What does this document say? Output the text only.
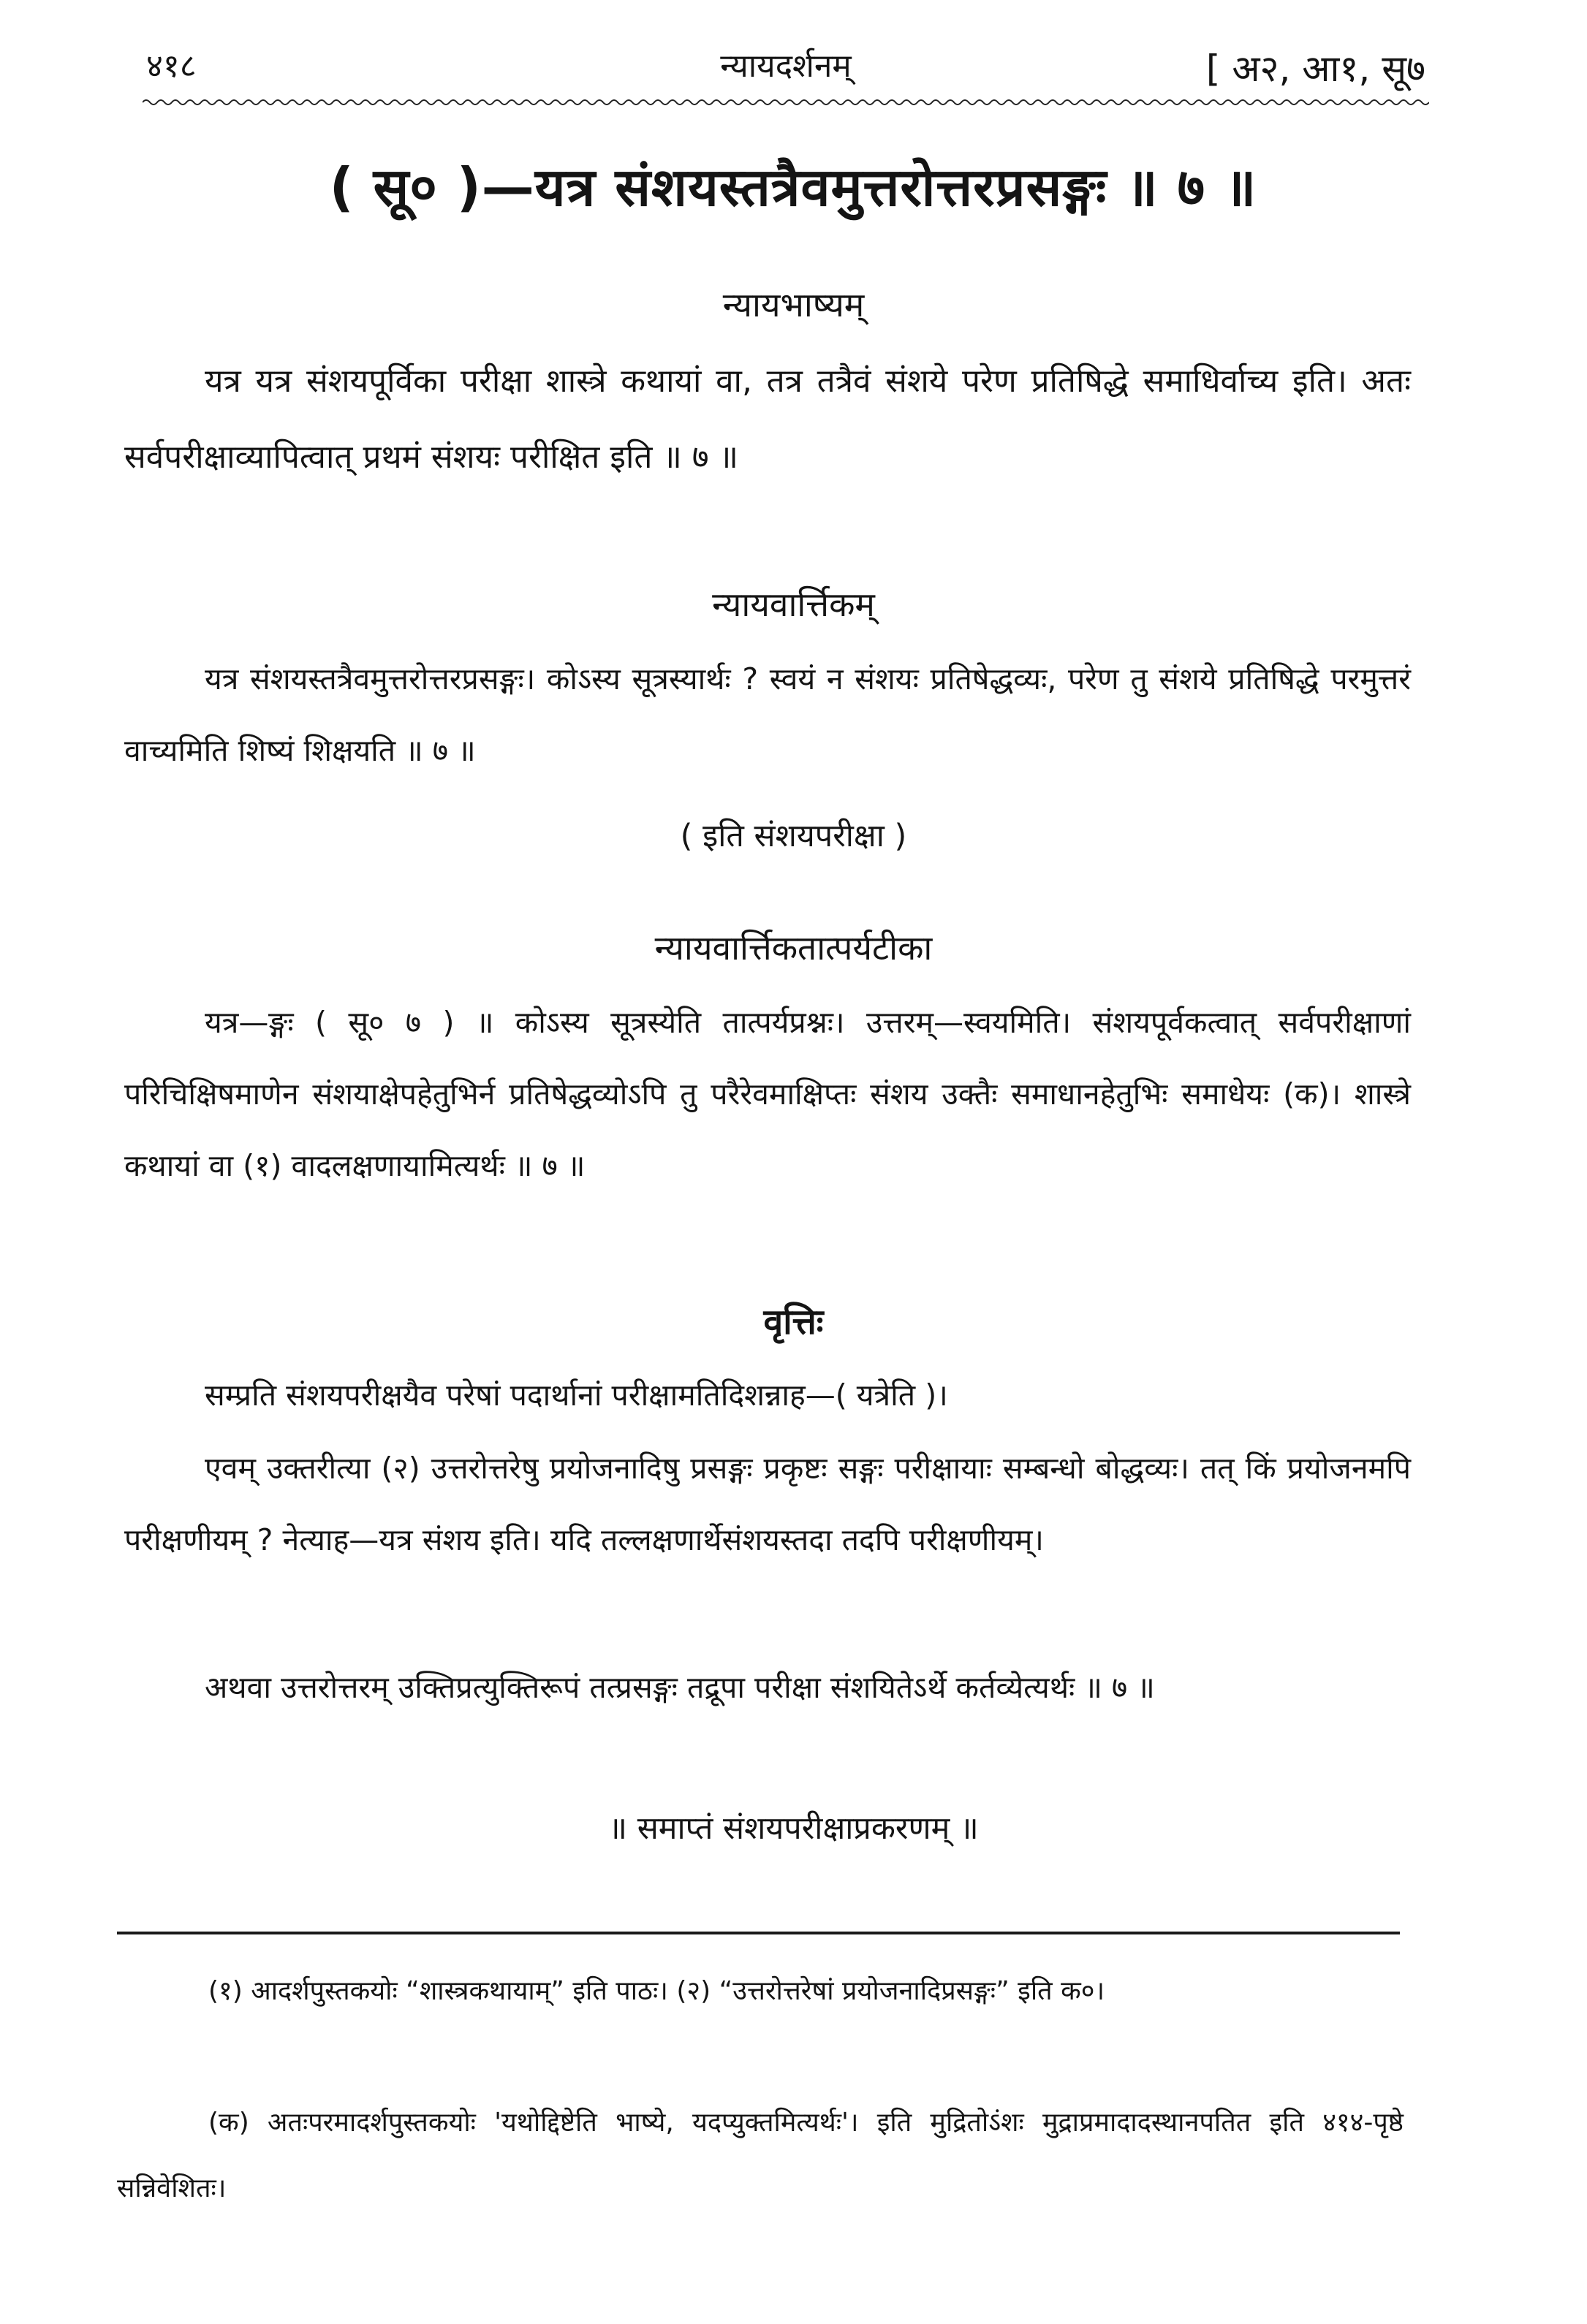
४१८	न्यायदर्शनम्	[ अ२, आ१, सू७
( सू० )—यत्र संशयस्तत्रैवमुत्तरोत्तरप्रसङ्गः ॥ ७ ॥
न्यायभाष्यम्
यत्र यत्र संशयपूर्विका परीक्षा शास्त्रे कथायां वा, तत्र तत्रैवं संशये परेण प्रतिषिद्धे समाधिर्वाच्य इति। अतः सर्वपरीक्षाव्यापित्वात् प्रथमं संशयः परीक्षित इति ॥ ७ ॥
न्यायवार्त्तिकम्
यत्र संशयस्तत्रैवमुत्तरोत्तरप्रसङ्गः। कोऽस्य सूत्रस्यार्थः ? स्वयं न संशयः प्रतिषेद्धव्यः, परेण तु संशये प्रतिषिद्धे परमुत्तरं वाच्यमिति शिष्यं शिक्षयति ॥ ७ ॥
( इति संशयपरीक्षा )
न्यायवार्त्तिकतात्पर्यटीका
यत्र—ङ्गः ( सू० ७ ) ॥ कोऽस्य सूत्रस्येति तात्पर्यप्रश्नः। उत्तरम्—स्वयमिति। संशयपूर्वकत्वात् सर्वपरीक्षाणां परिचिक्षिषमाणेन संशयाक्षेपहेतुभिर्न प्रतिषेद्धव्योऽपि तु परैरेवमाक्षिप्तः संशय उक्तैः समाधानहेतुभिः समाधेयः (क)। शास्त्रे कथायां वा (१) वादलक्षणायामित्यर्थः ॥ ७ ॥
वृत्तिः
सम्प्रति संशयपरीक्षयैव परेषां पदार्थानां परीक्षामतिदिशन्नाह—( यत्रेति )।
एवम् उक्तरीत्या (२) उत्तरोत्तरेषु प्रयोजनादिषु प्रसङ्गः प्रकृष्टः सङ्गः परीक्षायाः सम्बन्धो बोद्धव्यः। तत् किं प्रयोजनमपि परीक्षणीयम् ? नेत्याह—यत्र संशय इति। यदि तल्लक्षणार्थेसंशयस्तदा तदपि परीक्षणीयम्।
अथवा उत्तरोत्तरम् उक्तिप्रत्युक्तिरूपं तत्प्रसङ्गः तद्रूपा परीक्षा संशयितेऽर्थे कर्तव्येत्यर्थः ॥ ७ ॥
॥ समाप्तं संशयपरीक्षाप्रकरणम् ॥
(१) आदर्शपुस्तकयोः “शास्त्रकथायाम्” इति पाठः। (२) “उत्तरोत्तरेषां प्रयोजनादिप्रसङ्गः” इति क०।
(क) अतःपरमादर्शपुस्तकयोः 'यथोद्दिष्टेति भाष्ये, यदप्युक्तमित्यर्थः'। इति मुद्रितोऽंशः मुद्राप्रमादादस्थानपतित इति ४१४-पृष्ठे सन्निवेशितः।
